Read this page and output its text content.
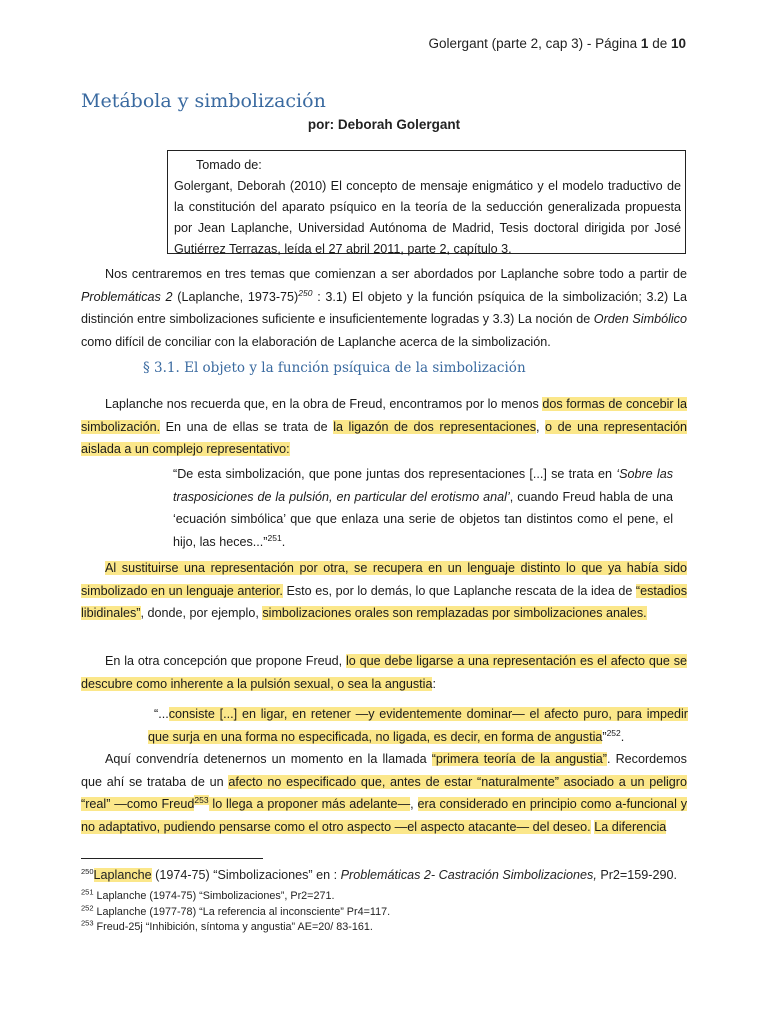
Golergant (parte 2, cap 3) - Página 1 de 10
Metábola y simbolización
por: Deborah Golergant
Tomado de:
Golergant, Deborah (2010) El concepto de mensaje enigmático y el modelo traductivo de la constitución del aparato psíquico en la teoría de la seducción generalizada propuesta por Jean Laplanche, Universidad Autónoma de Madrid, Tesis doctoral dirigida por José Gutiérrez Terrazas, leída el 27 abril 2011, parte 2, capítulo 3.
Nos centraremos en tres temas que comienzan a ser abordados por Laplanche sobre todo a partir de Problemáticas 2 (Laplanche, 1973-75)$^{250}$ : 3.1) El objeto y la función psíquica de la simbolización; 3.2) La distinción entre simbolizaciones suficiente e insuficientemente logradas y 3.3) La noción de Orden Simbólico como difícil de conciliar con la elaboración de Laplanche acerca de la simbolización.
§ 3.1. El objeto y la función psíquica de la simbolización
Laplanche nos recuerda que, en la obra de Freud, encontramos por lo menos dos formas de concebir la simbolización. En una de ellas se trata de la ligazón de dos representaciones, o de una representación aislada a un complejo representativo:
“De esta simbolización, que pone juntas dos representaciones [...] se trata en ‘Sobre las trasposiciones de la pulsión, en particular del erotismo anal’, cuando Freud habla de una ‘ecuación simbólica’ que que enlaza una serie de objetos tan distintos como el pene, el hijo, las heces...”$^{251}$.
Al sustituirse una representación por otra, se recupera en un lenguaje distinto lo que ya había sido simbolizado en un lenguaje anterior. Esto es, por lo demás, lo que Laplanche rescata de la idea de “estadios libidinales”, donde, por ejemplo, simbolizaciones orales son remplazadas por simbolizaciones anales.
En la otra concepción que propone Freud, lo que debe ligarse a una representación es el afecto que se descubre como inherente a la pulsión sexual, o sea la angustia:
“...consiste [...] en ligar, en retener —y evidentemente dominar— el afecto puro, para impedir que surja en una forma no especificada, no ligada, es decir, en forma de angustia”$^{252}$.
Aquí convendría detenernos un momento en la llamada “primera teoría de la angustia”. Recordemos que ahí se trataba de un afecto no especificado que, antes de estar “naturalmente” asociado a un peligro “real” —como Freud$^{253}$ lo llega a proponer más adelante—, era considerado en principio como a-funcional y no adaptativo, pudiendo pensarse como el otro aspecto —el aspecto atacante— del deseo. La diferencia
$^{250}$Laplanche (1974-75) “Simbolizaciones” en : Problemáticas 2- Castración Simbolizaciones, Pr2=159-290.
$^{251}$ Laplanche (1974-75) “Simbolizaciones”, Pr2=271.
$^{252}$ Laplanche (1977-78) “La referencia al inconsciente” Pr4=117.
$^{253}$ Freud-25j “Inhibición, síntoma y angustia” AE=20/ 83-161.
